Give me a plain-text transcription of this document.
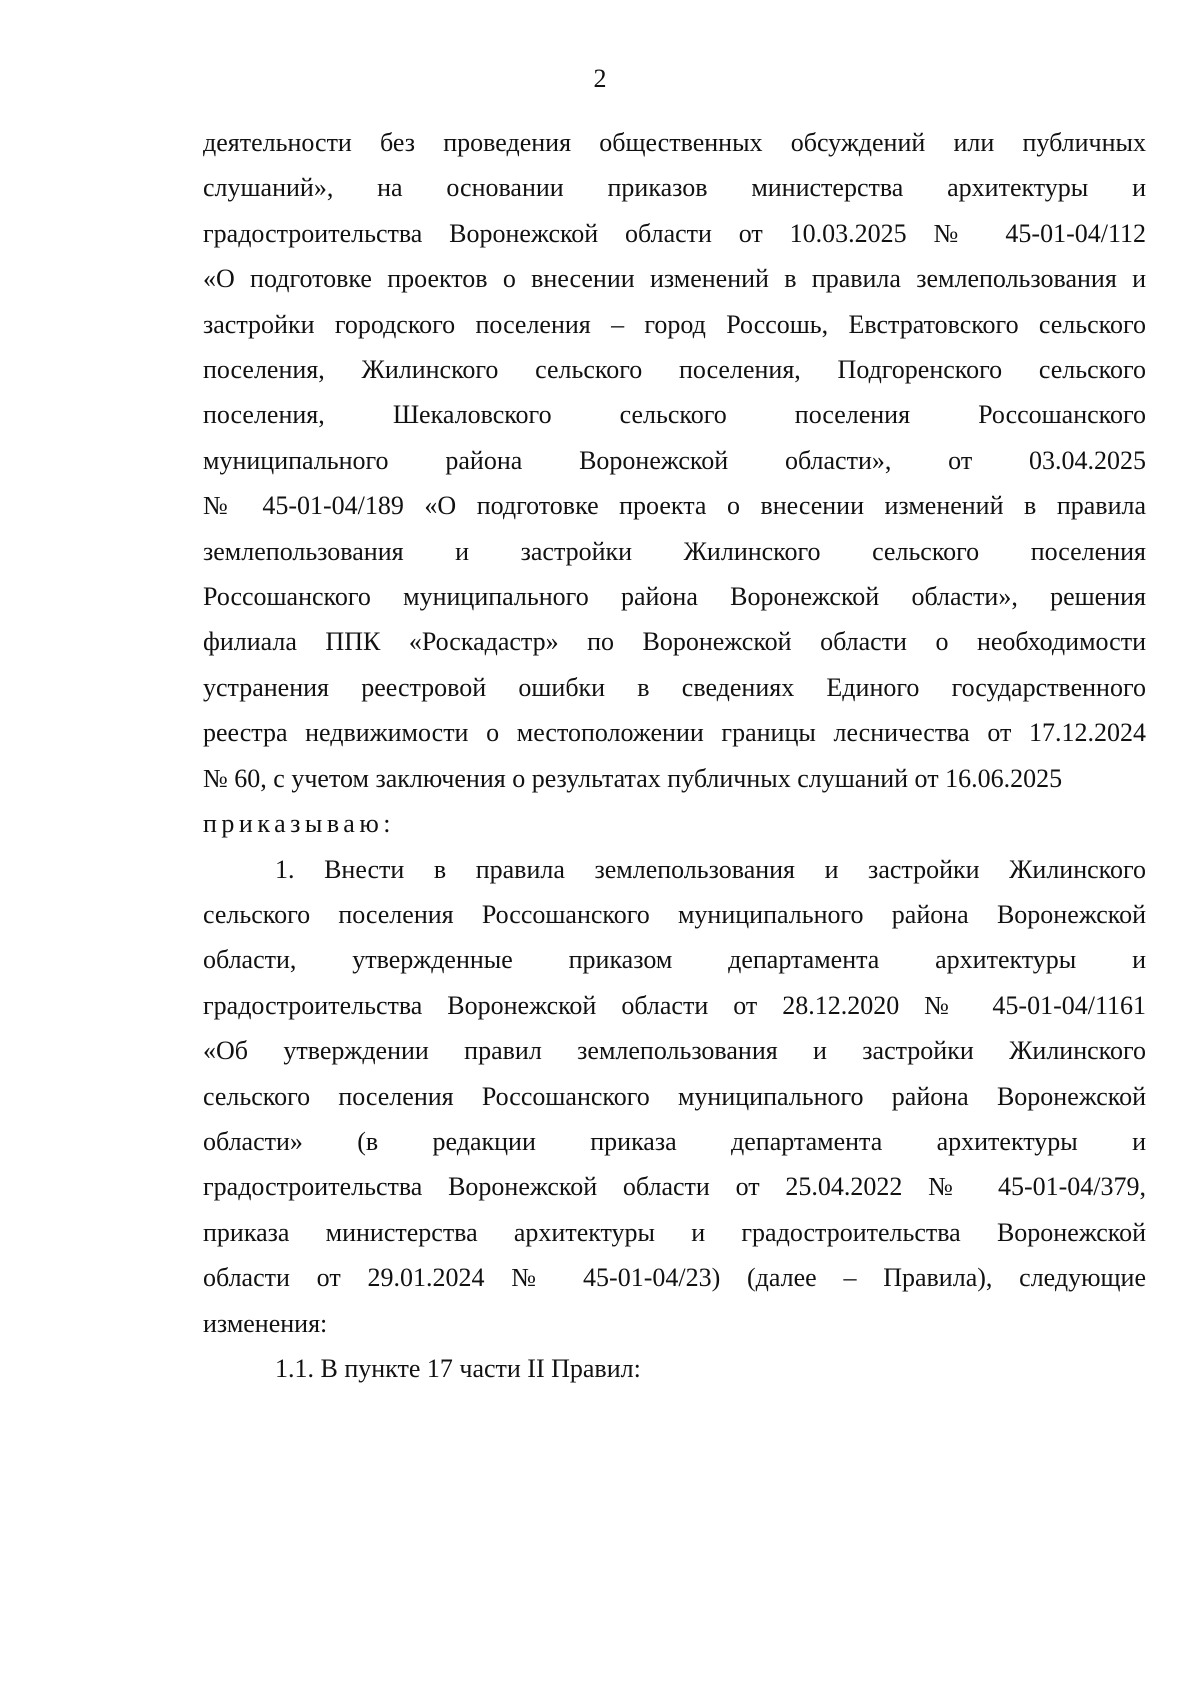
2
деятельности без проведения общественных обсуждений или публичных
слушаний», на основании приказов министерства архитектуры и
градостроительства Воронежской области от 10.03.2025 № 45-01-04/112
«О подготовке проектов о внесении изменений в правила землепользования и
застройки городского поселения – город Россошь, Евстратовского сельского
поселения, Жилинского сельского поселения, Подгоренского сельского
поселения, Шекаловского сельского поселения Россошанского
муниципального района Воронежской области», от 03.04.2025
№ 45-01-04/189 «О подготовке проекта о внесении изменений в правила
землепользования и застройки Жилинского сельского поселения
Россошанского муниципального района Воронежской области», решения
филиала ППК «Роскадастр» по Воронежской области о необходимости
устранения реестровой ошибки в сведениях Единого государственного
реестра недвижимости о местоположении границы лесничества от 17.12.2024
№ 60, с учетом заключения о результатах публичных слушаний от 16.06.2025
приказываю:
1. Внести в правила землепользования и застройки Жилинского
сельского поселения Россошанского муниципального района Воронежской
области, утвержденные приказом департамента архитектуры и
градостроительства Воронежской области от 28.12.2020 № 45-01-04/1161
«Об утверждении правил землепользования и застройки Жилинского
сельского поселения Россошанского муниципального района Воронежской
области» (в редакции приказа департамента архитектуры и
градостроительства Воронежской области от 25.04.2022 № 45-01-04/379,
приказа министерства архитектуры и градостроительства Воронежской
области от 29.01.2024 № 45-01-04/23) (далее – Правила), следующие
изменения:
1.1. В пункте 17 части II Правил:
